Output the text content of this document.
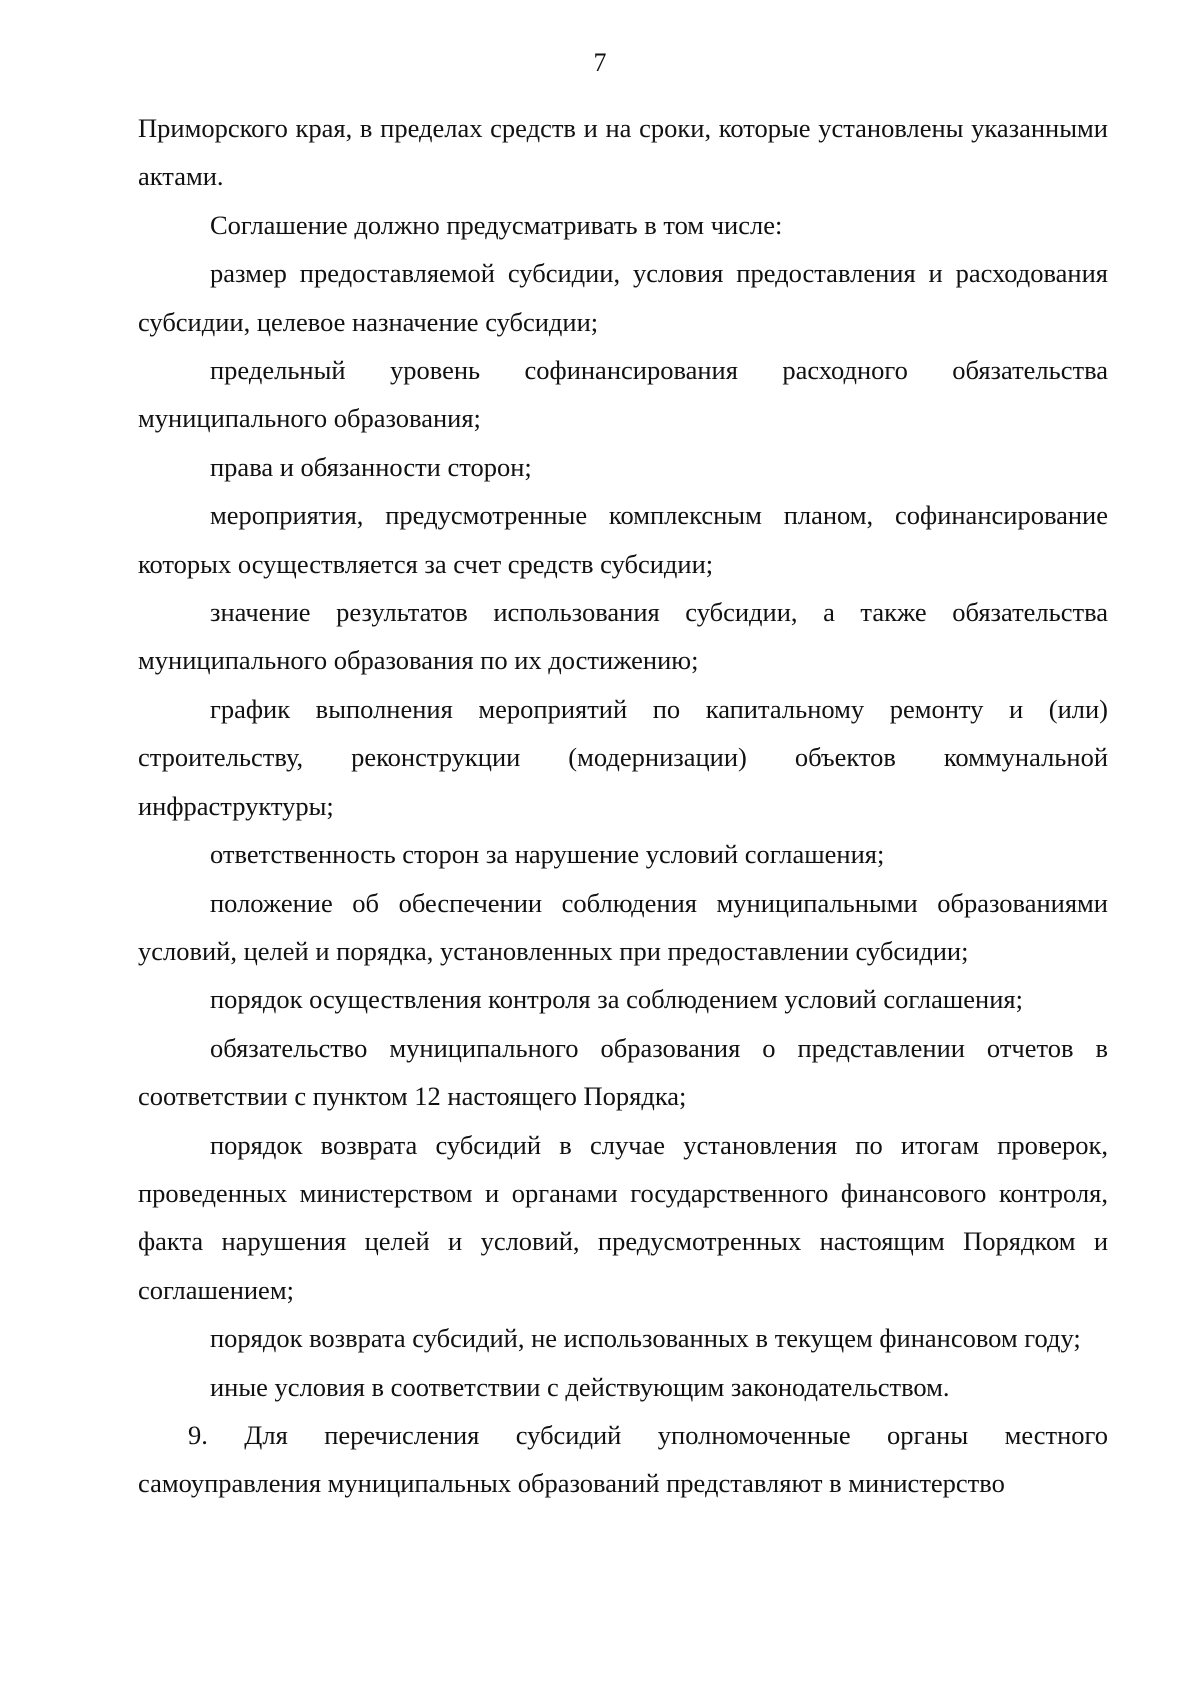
7

Приморского края, в пределах средств и на сроки, которые установлены указанными актами.

Соглашение должно предусматривать в том числе:

размер предоставляемой субсидии, условия предоставления и расходования субсидии, целевое назначение субсидии;

предельный уровень софинансирования расходного обязательства муниципального образования;

права и обязанности сторон;

мероприятия, предусмотренные комплексным планом, софинансирование которых осуществляется за счет средств субсидии;

значение результатов использования субсидии, а также обязательства муниципального образования по их достижению;

график выполнения мероприятий по капитальному ремонту и (или) строительству, реконструкции (модернизации) объектов коммунальной инфраструктуры;

ответственность сторон за нарушение условий соглашения;

положение об обеспечении соблюдения муниципальными образованиями условий, целей и порядка, установленных при предоставлении субсидии;

порядок осуществления контроля за соблюдением условий соглашения;

обязательство муниципального образования о представлении отчетов в соответствии с пунктом 12 настоящего Порядка;

порядок возврата субсидий в случае установления по итогам проверок, проведенных министерством и органами государственного финансового контроля, факта нарушения целей и условий, предусмотренных настоящим Порядком и соглашением;

порядок возврата субсидий, не использованных в текущем финансовом году;

иные условия в соответствии с действующим законодательством.

9. Для перечисления субсидий уполномоченные органы местного самоуправления муниципальных образований представляют в министерство
